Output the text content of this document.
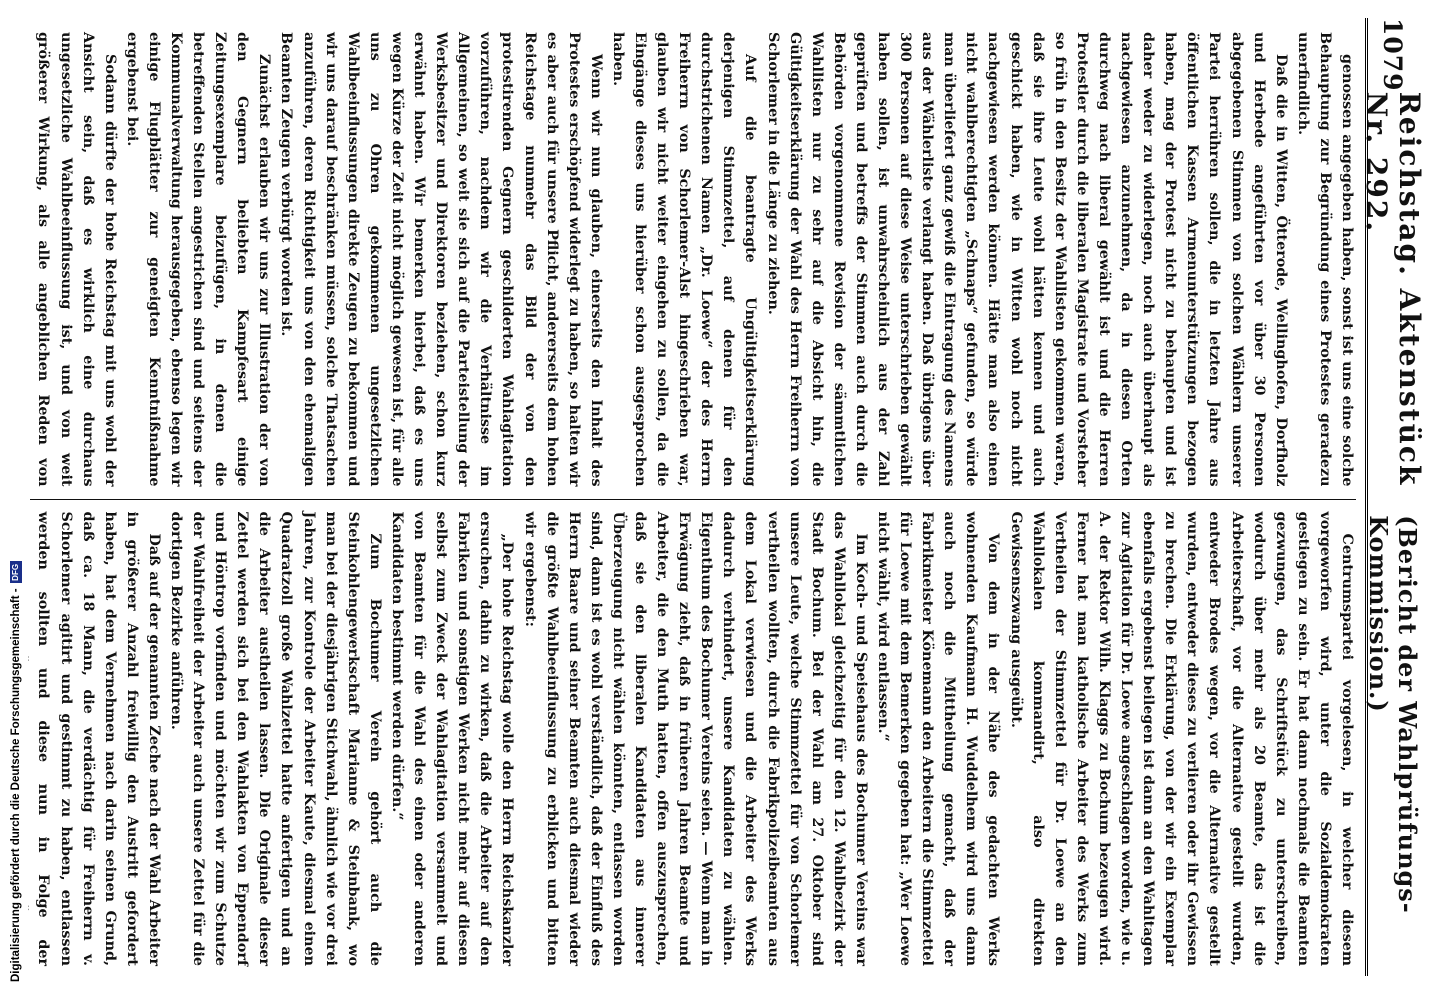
1079
Reichstag. Aktenstück Nr. 292.
(Bericht der Wahlprüfungs-Kommission.)

genossen angegeben haben, sonst ist uns eine solche Behauptung zur Begründung eines Protestes geradezu unerfindlich.

Daß die in Witten, Ötterode, Wellinghofen, Dorfholz und Herbede angeführten vor über 30 Personen abgegebenen Stimmen von solchen Wählern unserer Partei herrühren sollen, die in letzten Jahre aus öffentlichen Kassen Armenunterstützungen bezogen haben, mag der Protest nicht zu behaupten und ist daher weder zu widerlegen, noch auch überhaupt als nachgewiesen anzunehmen, da in diesen Orten durchweg nach liberal gewählt ist und die Herren Protestler durch die liberalen Magistrate und Vorsteher so früh in den Besitz der Wahllisten gekommen waren, daß sie ihre Leute wohl hätten kennen und auch geschickt haben, wie in Witten wohl noch nicht nachgewiesen werden können. Hätte man also einen nicht wahlberechtigten „Schnaps“ gefunden, so würde man überliefert ganz gewiß die Eintragung des Namens aus der Wählerliste verlangt haben. Daß übrigens über 300 Personen auf diese Weise unterschrieben gewählt haben sollen, ist unwahrscheinlich aus der Zahl geprüften und betreffs der Stimmen auch durch die Behörden vorgenommene Revision der sämmtlichen Wahllisten nur zu sehr auf die Absicht hin, die Gültigkeitserklärung der Wahl des Herrn Freiherrn von Schorlemer in die Länge zu ziehen.

Auf die beantragte Ungültigkeitserklärung derjenigen Stimmzettel, auf denen für den durchstrichenen Namen „Dr. Loewe“ der des Herrn Freiherrn von Schorlemer-Alst hingeschrieben war, glauben wir nicht weiter eingehen zu sollen, da die Eingänge dieses uns hierüber schon ausgesprochen haben.

Wenn wir nun glauben, einerseits den Inhalt des Protestes erschöpfend widerlegt zu haben, so halten wir es aber auch für unsere Pflicht, andererseits dem hohen Reichstage nunmehr das Bild der von den protestirenden Gegnern geschilderten Wahlagitation vorzuführen, nachdem wir die Verhältnisse im Allgemeinen, so weit sie sich auf die Parteistellung der Werksbesitzer und Direktoren beziehen, schon kurz erwähnt haben. Wir bemerken hierbei, daß es uns wegen Kürze der Zeit nicht möglich gewesen ist, für alle uns zu Ohren gekommenen ungesetzlichen Wahlbeeinflussungen direkte Zeugen zu bekommen und wir uns darauf beschränken müssen, solche Thatsachen anzuführen, deren Richtigkeit uns von den ehemaligen Beamten Zeugen verbürgt worden ist.

Zunächst erlauben wir uns zur Illustration der von den Gegnern beliebten Kampfesart einige Zeitungsexemplare beizufügen, in denen die betreffenden Stellen angestrichen sind und seitens der Kommunalverwaltung herausgegeben, ebenso legen wir einige Flugblätter zur geneigten Kenntnißnahme ergebenst bei.

Sodann dürfte der hohe Reichstag mit uns wohl der Ansicht sein, daß es wirklich eine durchaus ungesetzliche Wahlbeeinflussung ist, und von weit größerer Wirkung, als alle angeblichen Reden von

Centrumspartei vorgelesen, in welcher diesem vorgeworfen wird, unter die Sozialdemokraten gestiegen zu sein. Er hat dann nochmals die Beamten gezwungen, das Schriftstück zu unterschreiben, wodurch über mehr als 20 Beamte, das ist die Arbeiterschaft, vor die Alternative gestellt wurden, entweder Brodes wegen, vor die Alternative gestellt wurden, entweder dieses zu verlieren oder ihr Gewissen zu brechen. Die Erklärung, von der wir ein Exemplar ebenfalls ergebenst beilegen ist dann an den Wahltagen zur Agitation für Dr. Loewe angeschlagen worden, wie u. A. der Rektor Wilh. Klaggs zu Bochum bezeugen wird. Ferner hat man katholische Arbeiter des Werks zum Vertheilen der Stimmzettel für Dr. Loewe an den Wahllokalen kommandirt, also direkten Gewissenszwang ausgeübt.

Von dem in der Nähe des gedachten Werks wohnenden Kaufmann H. Wuddelhem wird uns dann auch noch die Mittheilung gemacht, daß der Fabrikmeister Könemann den Arbeitern die Stimmzettel für Loewe mit dem Bemerken gegeben hat: „Wer Loewe nicht wählt, wird entlassen.“

Im Koch- und Speisehaus des Bochumer Vereins war das Wahllokal gleichzeitig für den 12. Wahlbezirk der Stadt Bochum. Bei der Wahl am 27. Oktober sind unsere Leute, welche Stimmzettel für von Schorlemer vertheilen wollten, durch die Fabrikpolizeibeamten aus dem Lokal verwiesen und die Arbeiter des Werks dadurch verhindert, unsere Kandidaten zu wählen. Eigenthum des Bochumer Vereins seien. — Wenn man in Erwägung zieht, daß in früheren Jahren Beamte und Arbeiter, die den Muth hatten, offen auszusprechen, daß sie den liberalen Kandidaten aus innerer Überzeugung nicht wählen könnten, entlassen worden sind, dann ist es wohl verständlich, daß der Einfluß des Herrn Baare und seiner Beamten auch diesmal wieder die größte Wahlbeeinflussung zu erblicken und bitten wir ergebenst:

„Der hohe Reichstag wolle den Herrn Reichskanzler ersuchen, dahin zu wirken, daß die Arbeiter auf den Fabriken und sonstigen Werken nicht mehr auf diesen selbst zum Zweck der Wahlagitation versammelt und von Beamten für die Wahl des einen oder anderen Kandidaten bestimmt werden dürfen.“

Zum Bochumer Verein gehört auch die Steinkohlengewerkschaft Marianne & Steinbank, wo man bei der diesjährigen Stichwahl, ähnlich wie vor drei Jahren, zur Kontrole der Arbeiter Kaute, diesmal einen Quadratzoll große Wahlzettel hatte anfertigen und an die Arbeiter austheilen lassen. Die Originale dieser Zettel werden sich bei den Wahlakten von Eppendorf und Höntrop vorfinden und möchten wir zum Schutze der Wahlfreiheit der Arbeiter auch unsere Zettel für die dortigen Bezirke anführen.

Daß auf der genannten Zeche nach der Wahl Arbeiter in größerer Anzahl freiwillig den Austritt gefordert haben, hat dem Vernehmen nach darin seinen Grund, daß ca. 18 Mann, die verdächtig für Freiherrn v. Schorlemer agitirt und gestimmt zu haben, entlassen werden sollten und diese nun in Folge der

Digitalisierung gefördert durch die Deutsche Forschungsgemeinschaft -
DFG
